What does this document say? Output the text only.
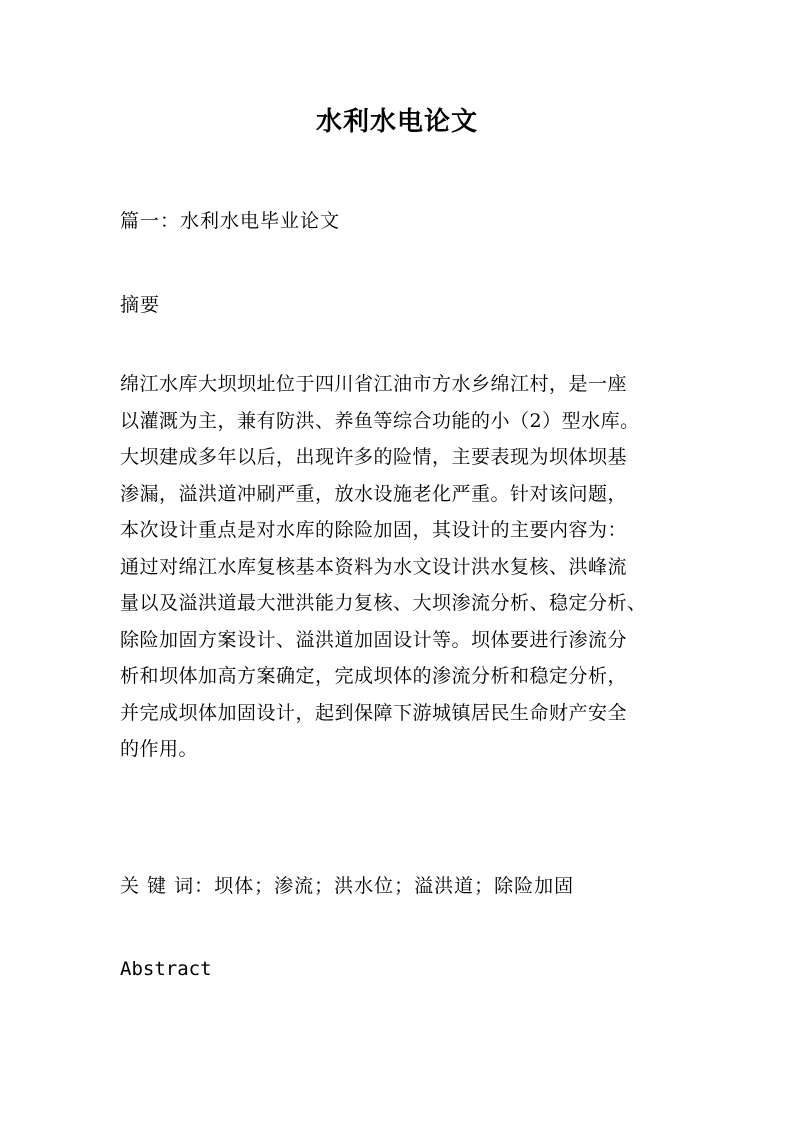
水利水电论文
篇一：水利水电毕业论文
摘要
绵江水库大坝坝址位于四川省江油市方水乡绵江村，是一座
以灌溉为主，兼有防洪、养鱼等综合功能的小（2）型水库。
大坝建成多年以后，出现许多的险情，主要表现为坝体坝基
渗漏，溢洪道冲刷严重，放水设施老化严重。针对该问题，
本次设计重点是对水库的除险加固，其设计的主要内容为：
通过对绵江水库复核基本资料为水文设计洪水复核、洪峰流
量以及溢洪道最大泄洪能力复核、大坝渗流分析、稳定分析、
除险加固方案设计、溢洪道加固设计等。坝体要进行渗流分
析和坝体加高方案确定，完成坝体的渗流分析和稳定分析，
并完成坝体加固设计，起到保障下游城镇居民生命财产安全
的作用。
关 键 词：坝体；渗流；洪水位；溢洪道；除险加固
Abstract
